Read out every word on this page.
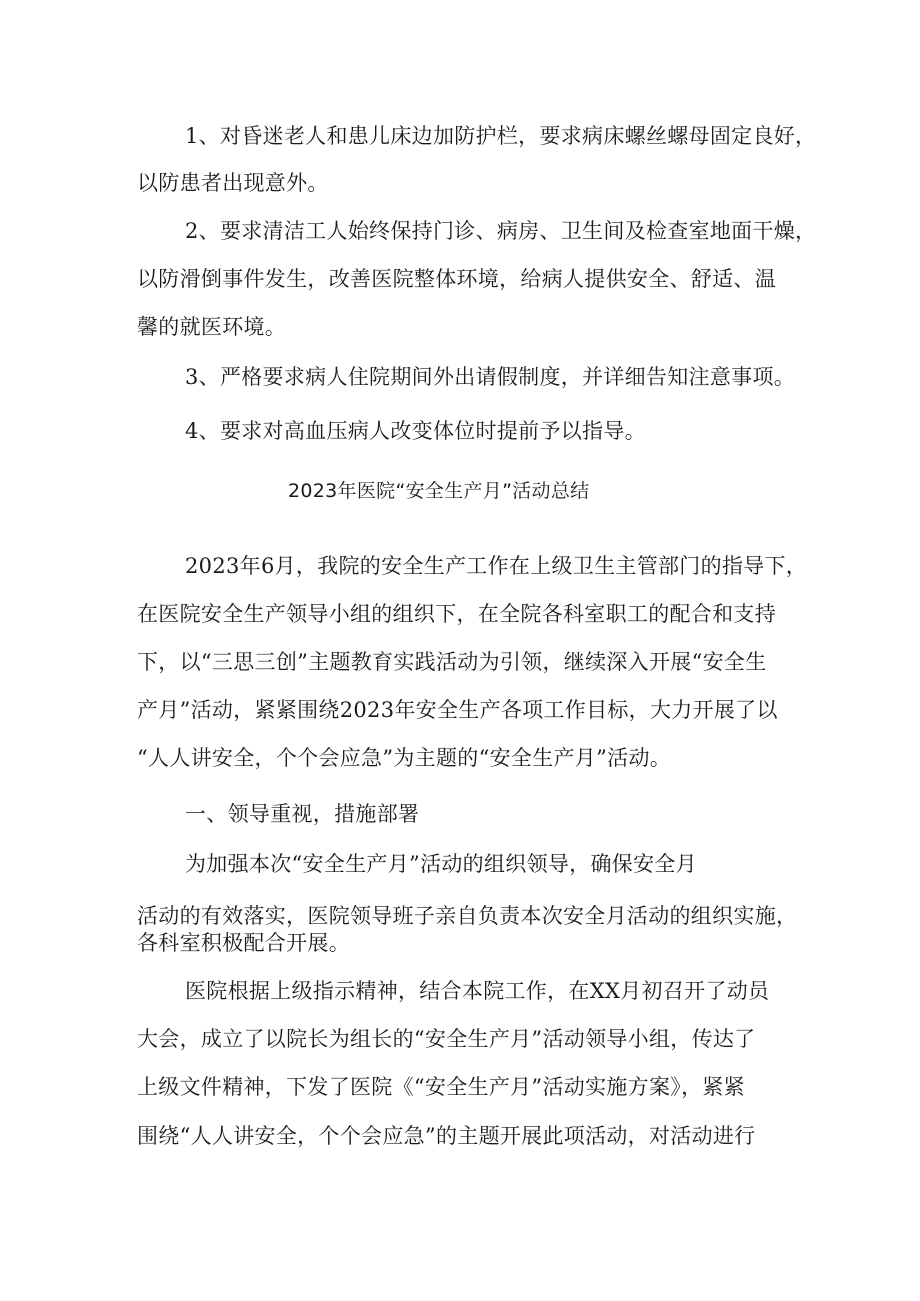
1、对昏迷老人和患儿床边加防护栏，要求病床螺丝螺母固定良好，
以防患者出现意外。
2、要求清洁工人始终保持门诊、病房、卫生间及检查室地面干燥，
以防滑倒事件发生，改善医院整体环境，给病人提供安全、舒适、温
馨的就医环境。
3、严格要求病人住院期间外出请假制度，并详细告知注意事项。
4、要求对高血压病人改变体位时提前予以指导。
2023年医院“安全生产月”活动总结
2023年6月，我院的安全生产工作在上级卫生主管部门的指导下，
在医院安全生产领导小组的组织下，在全院各科室职工的配合和支持
下，以“三思三创”主题教育实践活动为引领，继续深入开展“安全生
产月”活动，紧紧围绕2023年安全生产各项工作目标，大力开展了以
“人人讲安全，个个会应急”为主题的“安全生产月”活动。
一、领导重视，措施部署
为加强本次“安全生产月”活动的组织领导，确保安全月
活动的有效落实，医院领导班子亲自负责本次安全月活动的组织实施，
各科室积极配合开展。
医院根据上级指示精神，结合本院工作，在XX月初召开了动员
大会，成立了以院长为组长的“安全生产月”活动领导小组，传达了
上级文件精神，下发了医院《“安全生产月”活动实施方案》，紧紧
围绕“人人讲安全，个个会应急”的主题开展此项活动，对活动进行
